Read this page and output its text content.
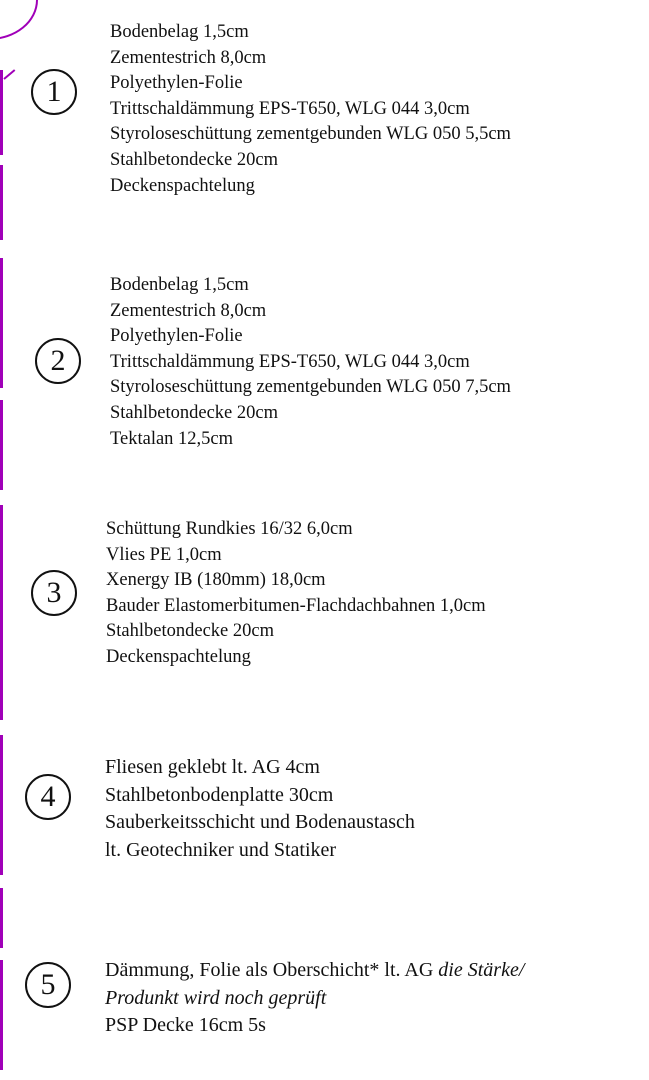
1
Bodenbelag 1,5cm
Zementestrich 8,0cm
Polyethylen-Folie
Trittschaldämmung EPS-T650, WLG 044 3,0cm
Styroloseschüttung zementgebunden WLG 050 5,5cm
Stahlbetondecke 20cm
Deckenspachtelung
2
Bodenbelag 1,5cm
Zementestrich 8,0cm
Polyethylen-Folie
Trittschaldämmung EPS-T650, WLG 044 3,0cm
Styroloseschüttung zementgebunden WLG 050 7,5cm
Stahlbetondecke 20cm
Tektalan 12,5cm
3
Schüttung Rundkies 16/32 6,0cm
Vlies PE 1,0cm
Xenergy IB (180mm) 18,0cm
Bauder Elastomerbitumen-Flachdachbahnen 1,0cm
Stahlbetondecke 20cm
Deckenspachtelung
4
Fliesen geklebt lt. AG 4cm
Stahlbetonbodenplatte 30cm
Sauberkeitsschicht und Bodenaustasch
lt. Geotechniker und Statiker
5	Dämmung, Folie als Oberschicht* lt. AG die Stärke/
Produnkt wird noch geprüft
PSP Decke 16cm 5s
